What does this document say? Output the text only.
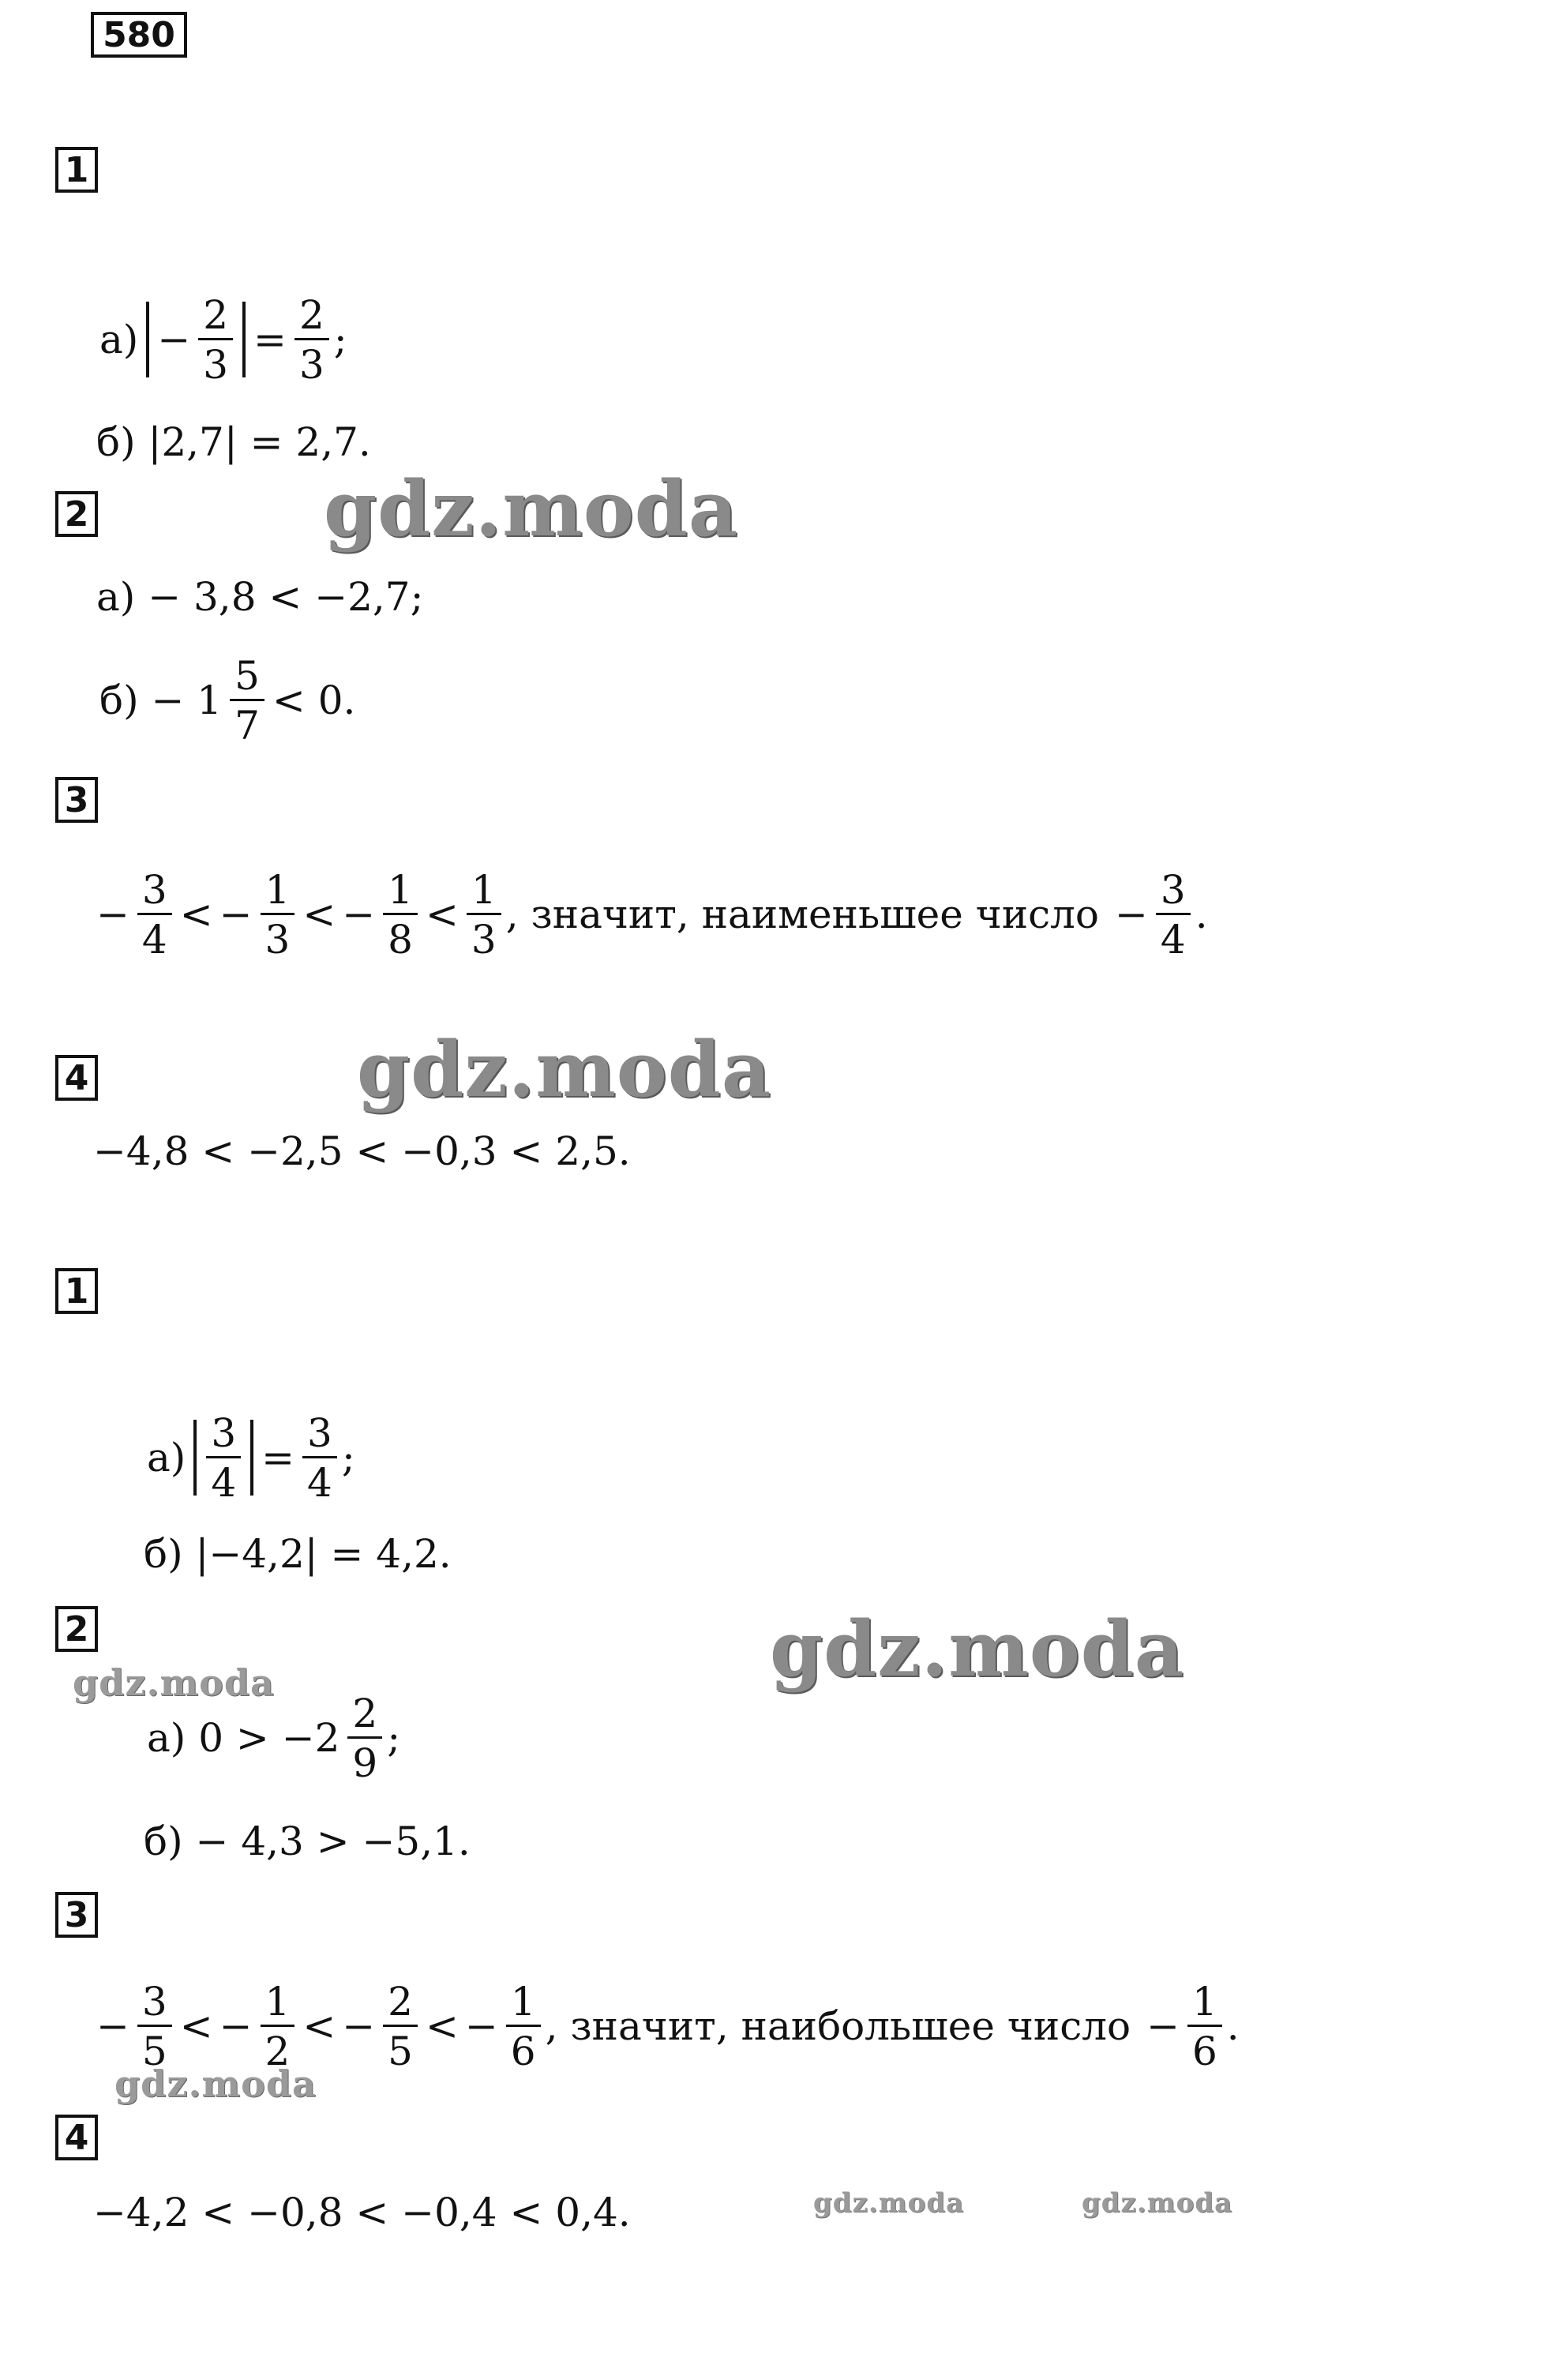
580
1
$а) - \frac{2}{3} = \frac{2}{3}$ ;
б) |2,7| = 2,7.
2
а) − 3,8 < −2,7;
$б) - 1 \frac{5}{7} < 0$.
3
− $\frac{3}{4}$ < − $\frac{1}{3}$ < − $\frac{1}{8} < \frac{1}{3}$ , значит, наименьшее число − $\frac{3}{4}$ .
4
−4,8 < −2,5 < −0,3 < 2,5.
1
$а) \frac{3}{4} = \frac{3}{4}$ ;
б) |−4,2| = 4,2.
2
а) $0 > -2 \frac{2}{9}$ ;
б) − 4,3 > −5,1.
3
− $\frac{3}{5}$ < − $\frac{1}{2}$ < − $\frac{2}{5}$ < − $\frac{1}{6}$ , значит, наибольшее число − $\frac{1}{6}$ .
4
−4,2 < −0,8 < −0,4 < 0,4.
gdz.moda
gdz.moda
gdz.moda
gdz.moda
gdz.moda
gdz.moda	gdz.moda
